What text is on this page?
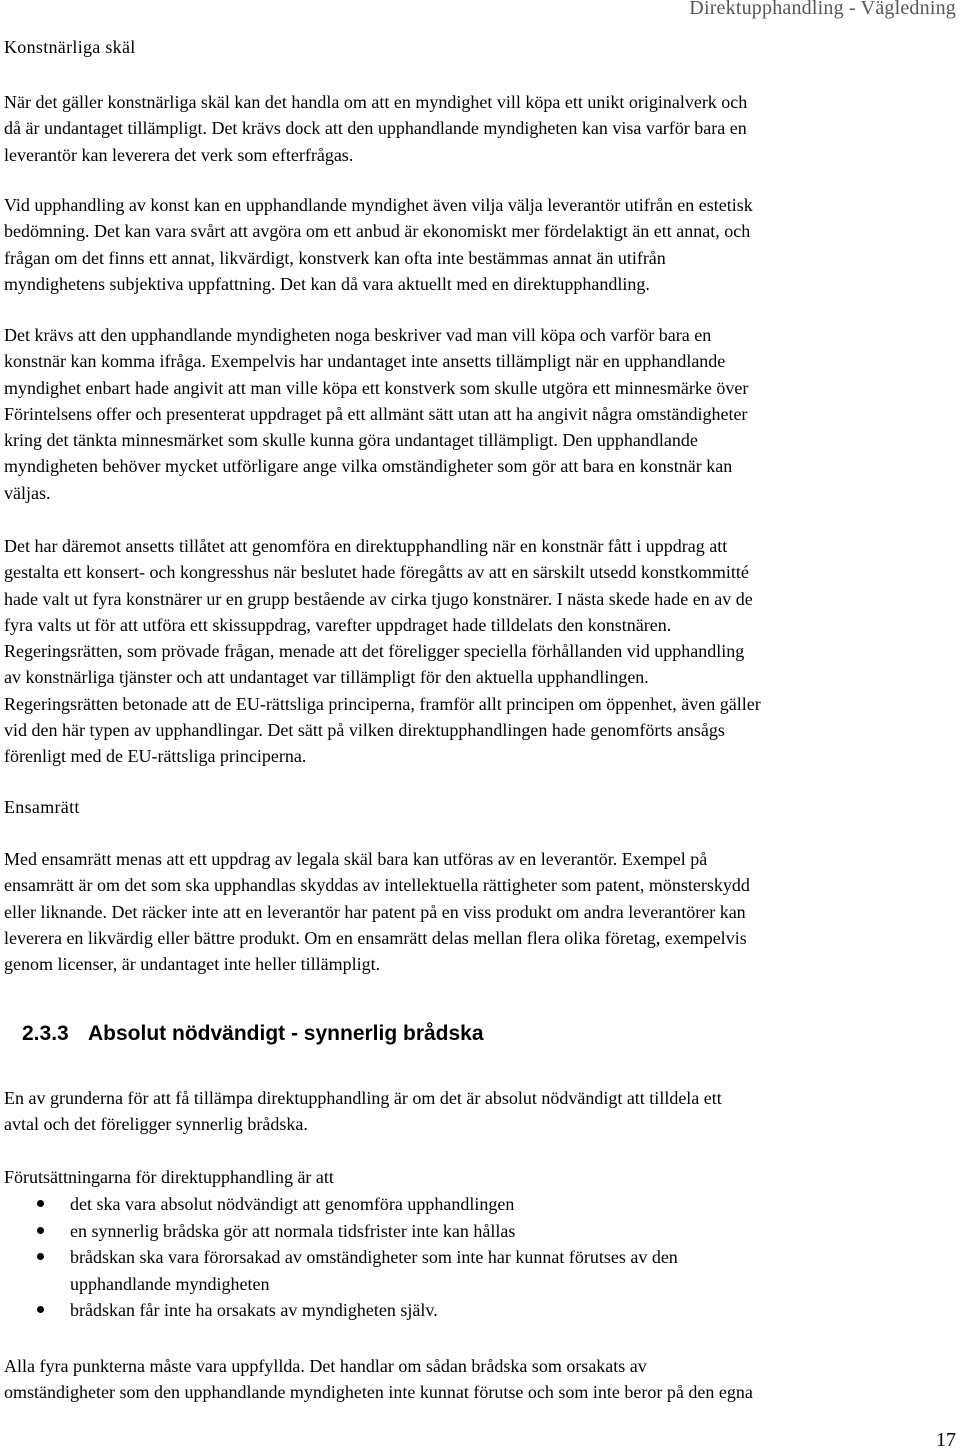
Direktupphandling - Vägledning
Konstnärliga skäl

När det gäller konstnärliga skäl kan det handla om att en myndighet vill köpa ett unikt originalverk och
då är undantaget tillämpligt. Det krävs dock att den upphandlande myndigheten kan visa varför bara en
leverantör kan leverera det verk som efterfrågas.

Vid upphandling av konst kan en upphandlande myndighet även vilja välja leverantör utifrån en estetisk
bedömning. Det kan vara svårt att avgöra om ett anbud är ekonomiskt mer fördelaktigt än ett annat, och
frågan om det finns ett annat, likvärdigt, konstverk kan ofta inte bestämmas annat än utifrån
myndighetens subjektiva uppfattning. Det kan då vara aktuellt med en direktupphandling.

Det krävs att den upphandlande myndigheten noga beskriver vad man vill köpa och varför bara en
konstnär kan komma ifråga. Exempelvis har undantaget inte ansetts tillämpligt när en upphandlande
myndighet enbart hade angivit att man ville köpa ett konstverk som skulle utgöra ett minnesmärke över
Förintelsens offer och presenterat uppdraget på ett allmänt sätt utan att ha angivit några omständigheter
kring det tänkta minnesmärket som skulle kunna göra undantaget tillämpligt. Den upphandlande
myndigheten behöver mycket utförligare ange vilka omständigheter som gör att bara en konstnär kan
väljas.

Det har däremot ansetts tillåtet att genomföra en direktupphandling när en konstnär fått i uppdrag att
gestalta ett konsert- och kongresshus när beslutet hade föregåtts av att en särskilt utsedd konstkommitté
hade valt ut fyra konstnärer ur en grupp bestående av cirka tjugo konstnärer. I nästa skede hade en av de
fyra valts ut för att utföra ett skissuppdrag, varefter uppdraget hade tilldelats den konstnären.
Regeringsrätten, som prövade frågan, menade att det föreligger speciella förhållanden vid upphandling
av konstnärliga tjänster och att undantaget var tillämpligt för den aktuella upphandlingen.
Regeringsrätten betonade att de EU-rättsliga principerna, framför allt principen om öppenhet, även gäller
vid den här typen av upphandlingar. Det sätt på vilken direktupphandlingen hade genomförts ansågs
förenligt med de EU-rättsliga principerna.

Ensamrätt

Med ensamrätt menas att ett uppdrag av legala skäl bara kan utföras av en leverantör. Exempel på
ensamrätt är om det som ska upphandlas skyddas av intellektuella rättigheter som patent, mönsterskydd
eller liknande. Det räcker inte att en leverantör har patent på en viss produkt om andra leverantörer kan
leverera en likvärdig eller bättre produkt. Om en ensamrätt delas mellan flera olika företag, exempelvis
genom licenser, är undantaget inte heller tillämpligt.

2.3.3 Absolut nödvändigt - synnerlig brådska

En av grunderna för att få tillämpa direktupphandling är om det är absolut nödvändigt att tilldela ett
avtal och det föreligger synnerlig brådska.

Förutsättningarna för direktupphandling är att

det ska vara absolut nödvändigt att genomföra upphandlingen
en synnerlig brådska gör att normala tidsfrister inte kan hållas
brådskan ska vara förorsakad av omständigheter som inte har kunnat förutses av den
upphandlande myndigheten
brådskan får inte ha orsakats av myndigheten själv.

Alla fyra punkterna måste vara uppfyllda. Det handlar om sådan brådska som orsakats av
omständigheter som den upphandlande myndigheten inte kunnat förutse och som inte beror på den egna

17
